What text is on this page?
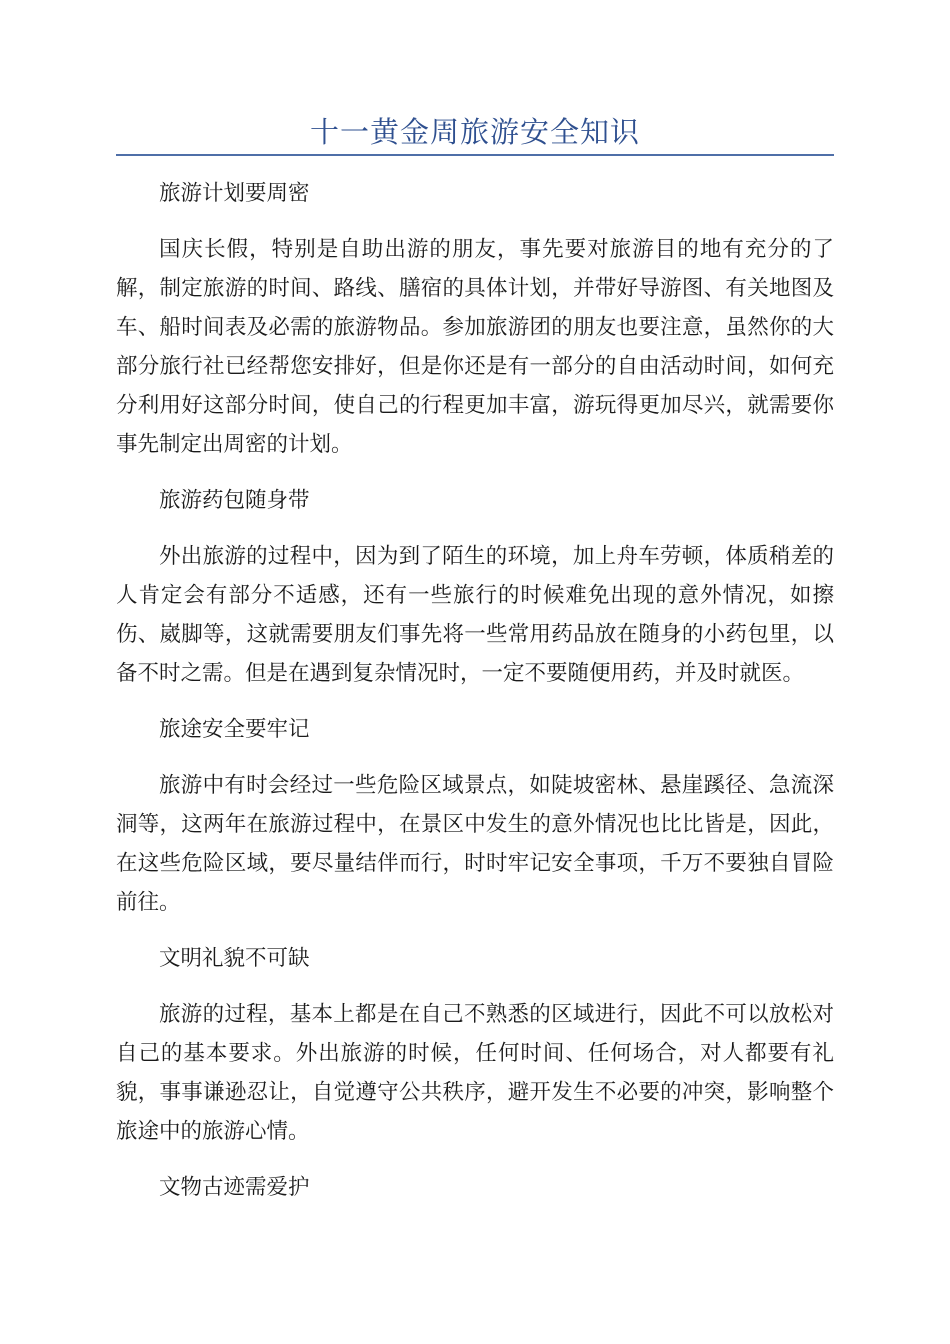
十一黄金周旅游安全知识

旅游计划要周密

国庆长假，特别是自助出游的朋友，事先要对旅游目的地有充分的了解，制定旅游的时间、路线、膳宿的具体计划，并带好导游图、有关地图及车、船时间表及必需的旅游物品。参加旅游团的朋友也要注意，虽然你的大部分旅行社已经帮您安排好，但是你还是有一部分的自由活动时间，如何充分利用好这部分时间，使自己的行程更加丰富，游玩得更加尽兴，就需要你事先制定出周密的计划。

旅游药包随身带

外出旅游的过程中，因为到了陌生的环境，加上舟车劳顿，体质稍差的人肯定会有部分不适感，还有一些旅行的时候难免出现的意外情况，如擦伤、崴脚等，这就需要朋友们事先将一些常用药品放在随身的小药包里，以备不时之需。但是在遇到复杂情况时，一定不要随便用药，并及时就医。

旅途安全要牢记

旅游中有时会经过一些危险区域景点，如陡坡密林、悬崖蹊径、急流深洞等，这两年在旅游过程中，在景区中发生的意外情况也比比皆是，因此，在这些危险区域，要尽量结伴而行，时时牢记安全事项，千万不要独自冒险前往。

文明礼貌不可缺

旅游的过程，基本上都是在自己不熟悉的区域进行，因此不可以放松对自己的基本要求。外出旅游的时候，任何时间、任何场合，对人都要有礼貌，事事谦逊忍让，自觉遵守公共秩序，避开发生不必要的冲突，影响整个旅途中的旅游心情。

文物古迹需爱护
